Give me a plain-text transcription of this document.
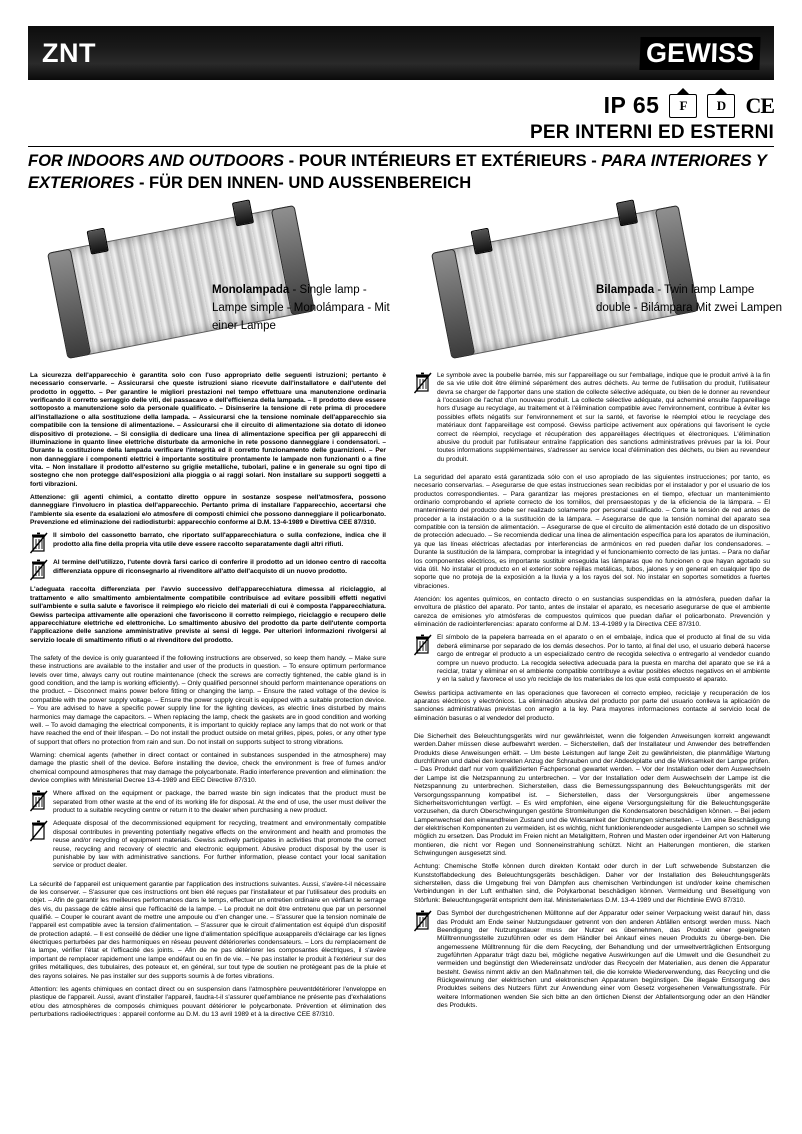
ZNT	GEWISS
IP 65	F	D CE
PER INTERNI ED ESTERNI
FOR INDOORS AND OUTDOORS - POUR INTÉRIEURS ET EXTÉRIEURS - PARA INTERIORES Y EXTERIORES - FÜR DEN INNEN- UND AUSSENBEREICH
Monolampada - Single lamp - Lampe simple - Monolámpara - Mit einer Lampe
Bilampada - Twin lamp Lampe double - Bilámpara Mit zwei Lampen

La sicurezza dell'apparecchio è garantita solo con l'uso appropriato delle seguenti istruzioni; pertanto è necessario conservarle. – Assicurarsi che queste istruzioni siano ricevute dall'installatore e dall'utente del prodotto in oggetto. – Per garantire le migliori prestazioni nel tempo effettuare una manutenzione ordinaria verificando il corretto serraggio delle viti, dei passacavo e dell'efficienza della lampada. – Il prodotto deve essere sottoposto a manutenzione solo da personale qualificato. – Disinserire la tensione di rete prima di procedere all'installazione o alla sostituzione della lampada. – Assicurarsi che la tensione nominale dell'apparecchio sia compatibile con la tensione di alimentazione. – Assicurarsi che il circuito di alimentazione sia dotato di idoneo dispositivo di protezione. – Si consiglia di dedicare una linea di alimentazione specifica per gli apparecchi di illuminazione in quanto linee elettriche disturbate da armoniche in rete possono danneggiare i condensatori. – Durante la costituzione della lampada verificare l'integrità ed il corretto funzionamento delle guarnizioni. – Per non danneggiare i componenti elettrici è importante sostituire prontamente le lampade non funzionanti o a fine vita. – Non installare il prodotto all'esterno su griglie metalliche, tubolari, paline e in generale su ogni tipo di sostegno che non protegge dall'esposizioni alla pioggia o ai raggi solari. Non installare su supporti soggetti a forti vibrazioni.

Attenzione: gli agenti chimici, a contatto diretto oppure in sostanze sospese nell'atmosfera, possono danneggiare l'involucro in plastica dell'apparecchio. Pertanto prima di installare l'apparecchio, accertarsi che l'ambiente sia esente da esalazioni e/o atmosfere di composti chimici che possono danneggiare il policarbonato. Prevenzione ed eliminazione dei radiodisturbi: apparecchio conforme al D.M. 13-4-1989 e Direttiva CEE 87/310.

Il simbolo del cassonetto barrato, che riportato sull'apparecchiatura o sulla confezione, indica che il prodotto alla fine della propria vita utile deve essere raccolto separatamente dagli altri rifiuti.
Al termine dell'utilizzo, l'utente dovrà farsi carico di conferire il prodotto ad un idoneo centro di raccolta differenziata oppure di riconsegnarlo al rivenditore all'atto dell'acquisto di un nuovo prodotto.

L'adeguata raccolta differenziata per l'avvio successivo dell'apparecchiatura dimessa al riciclaggio, al trattamento e allo smaltimento ambientalmente compatibile contribuisce ad evitare possibili effetti negativi sull'ambiente e sulla salute e favorisce il reimpiego e/o riciclo dei materiali di cui è composta l'apparecchiatura. Gewiss partecipa attivamente alle operazioni che favoriscono il corretto reimpiego, riciclaggio e recupero delle apparecchiature elettriche ed elettroniche. Lo smaltimento abusivo del prodotto da parte dell'utente comporta l'applicazione delle sanzione amministrative previste ai sensi di legge. Per ulteriori informazioni rivolgersi al servizio locale di smaltimento rifiuti o al rivenditore del prodotto.

The safety of the device is only guaranteed if the following instructions are observed, so keep them handy. – Make sure these instructions are available to the installer and user of the products in question. – To ensure optimum performance levels over time, always carry out routine maintenance (check the screws are correctly tightened, the cable gland is in good condition, and the lamp is working efficiently). – Only qualified personnel should perform maintenance operations on the product. – Disconnect mains power before fitting or changing the lamp. – Ensure the rated voltage of the device is compatible with the power supply voltage. – Ensure the power supply circuit is equipped with a suitable protection device. – You are advised to have a specific power supply line for the lighting devices, as electric lines disturbed by mains harmonics may damage the capacitors. – When replacing the lamp, check the gaskets are in good condition and working well. – To avoid damaging the electrical components, it is important to quickly replace any lamps that do not work or that have reached the end of their lifespan. – Do not install the product outside on metal grilles, pipes, poles, or any other type of support that offers no protection from rain and sun. Do not install on supports subject to strong vibrations.

Warning: chemical agents (whether in direct contact or contained in substances suspended in the atmosphere) may damage the plastic shell of the device. Before installing the device, check the environment is free of fumes and/or chemical compound atmospheres that may damage the polycarbonate. Radio interference prevention and elimination: the device complies with Ministerial Decree 13-4-1989 and EEC Directive 87/310.

Where affixed on the equipment or package, the barred waste bin sign indicates that the product must be separated from other waste at the end of its working life for disposal. At the end of use, the user must deliver the product to a suitable recycling centre or return it to the dealer when purchasing a new product.
Adequate disposal of the decommissioned equipment for recycling, treatment and environmentally compatible disposal contributes in preventing potentially negative effects on the environment and health and promotes the reuse and/or recycling of equipment materials. Gewiss actively participates in activities that promote the correct reuse, recycling and recovery of electric and electronic equipment. Abusive product disposal by the user is punishable by law with administrative sanctions. For further information, please contact your local sanitation service or product dealer.

La sécurité de l'appareil est uniquement garantie par l'application des instructions suivantes. Aussi, s'avère-t-il nécessaire de les conserver. – S'assurer que ces instructions ont bien été reçues par l'installateur et par l'utilisateur des produits en objet. – Afin de garantir les meilleures performances dans le temps, effectuer un entretien ordinaire en vérifiant le serrage des vis, du passage de câble ainsi que l'efficacité de la lampe. – Le produit ne doit être entretenu que par un personnel qualifié. – Couper le courant avant de mettre une ampoule ou d'en changer une. – S'assurer que la tension nominale de l'appareil est compatible avec la tension d'alimentation. – S'assurer que le circuit d'alimentation est équipé d'un dispositif de protection adapté. – Il est conseillé de dédier une ligne d'alimentation spécifique auxappareils d'éclairage car les lignes électriques perturbées par des harmoniques en réseau peuvent détériorerles condensateurs. – Lors du remplacement de la lampe, vérifier l'état et l'efficacité des joints. – Afin de ne pas détériorer les composantes électriques, il s'avère important de remplacer rapidement une lampe endéfaut ou en fin de vie. – Ne pas installer le produit à l'extérieur sur des grilles métalliques, des tubulaires, des poteaux et, en général, sur tout type de soutien ne protégeant pas de la pluie et des rayons solaires. Ne pas installer sur des supports soumis à de fortes vibrations.

Attention: les agents chimiques en contact direct ou en suspension dans l'atmosphère peuventdétériorer l'enveloppe en plastique de l'appareil. Aussi, avant d'installer l'appareil, faudra-t-il s'assurer quel'ambiance ne présente pas d'exhalations et/ou des atmosphères de composés chimiques pouvant détériorer le polycarbonate. Prévention et élimination des perturbations radioélectriques : appareil conforme au D.M. du 13 avril 1989 et à la directive CEE 87/310.

Le symbole avec la poubelle barrée, mis sur l'appareillage ou sur l'emballage, indique que le produit arrivé à la fin de sa vie utile doit être éliminé séparément des autres déchets. Au terme de l'utilisation du produit, l'utilisateur devra se charger de l'apporter dans une station de collecte sélective adéquate, ou bien de le donner au revendeur à l'occasion de l'achat d'un nouveau produit. La collecte sélective adéquate, qui acheminé ensuite l'appareillage hors d'usage au recyclage, au traitement et à l'élimination compatible avec l'environnement, contribue à éviter les possibles effets négatifs sur l'environnement et sur la santé, et favorise le réemploi et/ou le recyclage des matériaux dont l'appareillage est composé. Gewiss participe activement aux opérations qui favorisent le cycle correct de réemploi, recyclage et récupération des appareillages électriques et électroniques. L'élimination abusive du produit par l'utilisateur entraîne l'application des sanctions administratives prévues par la loi. Pour toutes informations supplémentaires, s'adresser au service local d'élimination des déchets, ou bien au revendeur du produit.

La seguridad del aparato está garantizada sólo con el uso apropiado de las siguientes instrucciones; por tanto, es necesario conservarlas. – Asegurarse de que estas instrucciones sean recibidas por el instalador y por el usuario de los productos correspondientes. – Para garantizar las mejores prestaciones en el tiempo, efectuar un mantenimiento ordinario comprobando el apriete correcto de los tornillos, del prensaestopas y de la eficiencia de la lámpara. – El mantenimiento del producto debe ser realizado solamente por personal cualificado. – Corte la tensión de red antes de proceder a la instalación o a la sustitución de la lámpara. – Asegurarse de que la tensión nominal del aparato sea compatible con la tensión de alimentación. – Asegurarse de que el circuito de alimentación esté dotado de un dispositivo de protección adecuado. – Se recomienda dedicar una línea de alimentación específica para los aparatos de iluminación, ya que las líneas eléctricas afectadas por interferencias de armónicos en red pueden dañar los condensadores. – Durante la sustitución de la lámpara, comprobar la integridad y el funcionamiento correcto de las juntas. – Para no dañar los componentes eléctricos, es importante sustituir enseguida las lámparas que no funcionen o que hayan agotado su vida útil. No instalar el producto en el exterior sobre rejillas metálicas, tubos, jalones y en general en cualquier tipo de soporte que no proteja de la exposición a la lluvia y a los rayos del sol. No instalar en soportes sometidos a fuertes vibraciones.

Atención: los agentes químicos, en contacto directo o en sustancias suspendidas en la atmósfera, pueden dañar la envoltura de plástico del aparato. Por tanto, antes de instalar el aparato, es necesario asegurarse de que el ambiente carezca de emisiones y/o atmósferas de compuestos químicos que puedan dañar el policarbonato. Prevención y eliminación de radiointerferencias: aparato conforme al D.M. 13-4-1989 y la Directiva CEE 87/310.

El símbolo de la papelera barreada en el aparato o en el embalaje, indica que el producto al final de su vida deberá eliminarse por separado de los demás desechos. Por lo tanto, al final del uso, el usuario deberá hacerse cargo de entregar el producto a un especializado centro de recogida selectiva o entregarlo al vendedor cuando compre un nuevo producto. La recogida selectiva adecuada para la puesta en marcha del aparato que se irá a reciclar, tratar y eliminar en el ambiente compatible contribuye a evitar posibles efectos negativos en el ambiente y en la salud y favorece el uso y/o reciclaje de los materiales de los que está compuesto el aparato.

Gewiss participa activamente en las operaciones que favorecen el correcto empleo, reciclaje y recuperación de los aparatos eléctricos y electrónicos. La eliminación abusiva del producto por parte del usuario conlleva la aplicación de sanciones administrativas previstas con arreglo a la ley. Para mayores informaciones contacte al servicio local de eliminación basuras o al vendedor del producto.

Die Sicherheit des Beleuchtungsgeräts wird nur gewährleistet, wenn die folgenden Anweisungen korrekt angewandt werden.Daher müssen diese aufbewahrt werden. – Sicherstellen, daß der Installateur und Anwender des betreffenden Produkts diese Anweisungen erhält. – Um beste Leistungen auf lange Zeit zu gewährleisten, die planmäßige Wartung durchführen und dabei den korrekten Anzug der Schrauben und der Abdeckplatte und die Wirksamkeit der Lampe prüfen. – Das Produkt darf nur vom qualifizierten Fachpersonal gewartet werden. – Vor der Installation oder dem Auswechseln der Lampe ist die Netzspannung zu unterbrechen. – Vor der Installation oder dem Auswechseln der Lampe ist die Netzspannung zu unterbrechen. Sicherstellen, dass die Bemessungsspannung des Beleuchtungsgeräts mit der Versorgungsspannung kompatibel ist. – Sicherstellen, dass der Versorgungskreis über angemessene Sicherheitsvorrichtungen verfügt. – Es wird empfohlen, eine eigene Versorgungsleitung für die Beleuchtungsgeräte vorzusehen, da durch Oberschwingungen gestörte Stromleitungen die Kondensatoren beschädigen können. – Bei jedem Lampenwechsel den einwandfreien Zustand und die Wirksamkeit der Dichtungen sicherstellen. – Um eine Beschädigung der elektrischen Komponenten zu vermeiden, ist es wichtig, nicht funktionierendeoder ausgediente Lampen so schnell wie möglich zu ersetzen. Das Produkt im Freien nicht an Metallgittern, Rohren und Masten oder irgendeiner Art von Halterung montieren, die nicht vor Regen und Sonneneinstrahlung schützt. Nicht an Halterungen montieren, die starken Schwingungen ausgesetzt sind.

Achtung: Chemische Stoffe können durch direkten Kontakt oder durch in der Luft schwebende Substanzen die Kunststoffabdeckung des Beleuchtungsgeräts beschädigen. Daher vor der Installation des Beleuchtungsgeräts sicherstellen, dass die Umgebung frei von Dämpfen aus chemischen Verbindungen ist und/oder keine chemischen Verbindungen in der Luft enthalten sind, die Polykarbonat beschädigen können. Vermeidung und Beseitigung von Störfunk: Beleuchtungsgerät entspricht dem ital. Ministerialerlass D.M. 13-4-1989 und der Richtlinie EWG 87/310.

Das Symbol der durchgestrichenen Mülltonne auf der Apparatur oder seiner Verpackung weist darauf hin, dass das Produkt am Ende seiner Nutzungsdauer getrennt von den anderen Abfällen entsorgt werden muss. Nach Beendigung der Nutzungsdauer muss der Nutzer es übernehmen, das Produkt einer geeigneten Mülltrennungsstelle zuzuführen oder es dem Händler bei Ankauf eines neuen Produkts zu überge-ben. Die angemessene Mülltrennung für die dem Recycling, der Behandlung und der umweltverträglichen Entsorgung zugeführten Apparatur trägt dazu bei, mögliche negative Auswirkungen auf die Umwelt und die Gesundheit zu vermeiden und begünstigt den Wiedereinsatz und/oder das Recyceln der Materialien, aus denen die Apparatur besteht. Gewiss nimmt aktiv an den Maßnahmen teil, die die korrekte Wiederverwendung, das Recycling und die Rückgewinnung der elektrischen und elektronischen Apparaturen begünstigen. Die illegale Entsorgung des Produktes seitens des Nutzers führt zur Anwendung einer vom Gesetz vorgesehenen Verwaltungsstrafe. Für weitere Informationen wenden Sie sich bitte an den örtlichen Dienst der Abfallentsorgung oder an den Händler des Produkts.
